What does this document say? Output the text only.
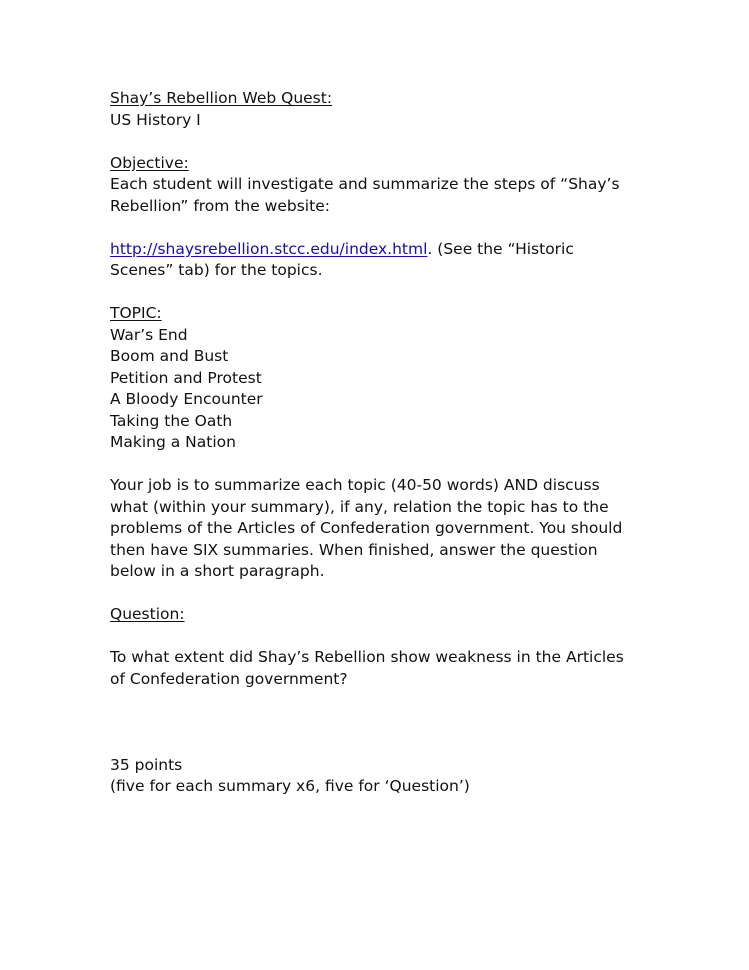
Shay’s Rebellion Web Quest:
US History I
Objective:
Each student will investigate and summarize the steps of “Shay’s
Rebellion” from the website:
http://shaysrebellion.stcc.edu/index.html. (See the “Historic
Scenes” tab) for the topics.
TOPIC:
War’s End
Boom and Bust
Petition and Protest
A Bloody Encounter
Taking the Oath
Making a Nation
Your job is to summarize each topic (40-50 words) AND discuss
what (within your summary), if any, relation the topic has to the
problems of the Articles of Confederation government. You should
then have SIX summaries. When finished, answer the question
below in a short paragraph.
Question:
To what extent did Shay’s Rebellion show weakness in the Articles
of Confederation government?
35 points
(five for each summary x6, five for ‘Question’)
